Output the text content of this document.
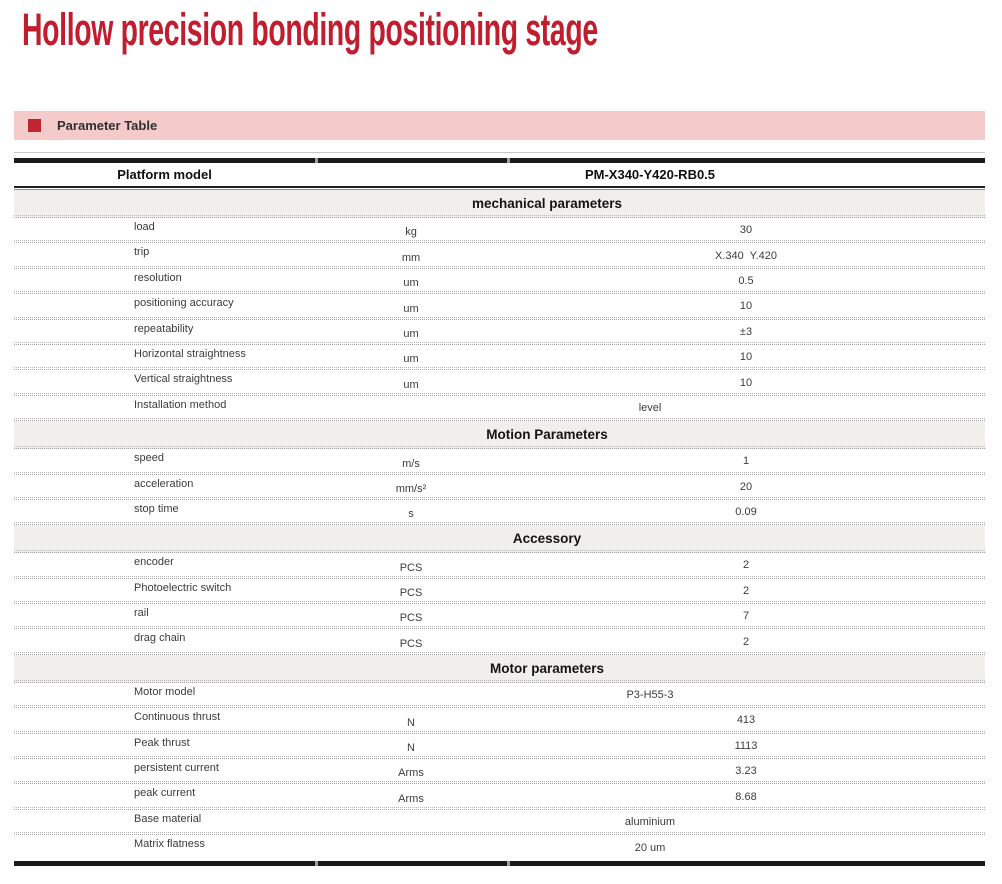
Hollow precision bonding positioning stage
Parameter Table
Platform model	PM-X340-Y420-RB0.5
mechanical parameters
load	kg	30
trip	mm	X.340  Y.420
resolution	um	0.5
positioning accuracy	um	10
repeatability	um	±3
Horizontal straightness	um	10
Vertical straightness	um	10
Installation method	level
Motion Parameters
speed	m/s	1
acceleration	mm/s²	20
stop time	s	0.09
Accessory
encoder	PCS	2
Photoelectric switch	PCS	2
rail	PCS	7
drag chain	PCS	2
Motor parameters
Motor model	P3-H55-3
Continuous thrust	N	413
Peak thrust	N	1113
persistent current	Arms	3.23
peak current	Arms	8.68
Base material	aluminium
Matrix flatness	20 um
